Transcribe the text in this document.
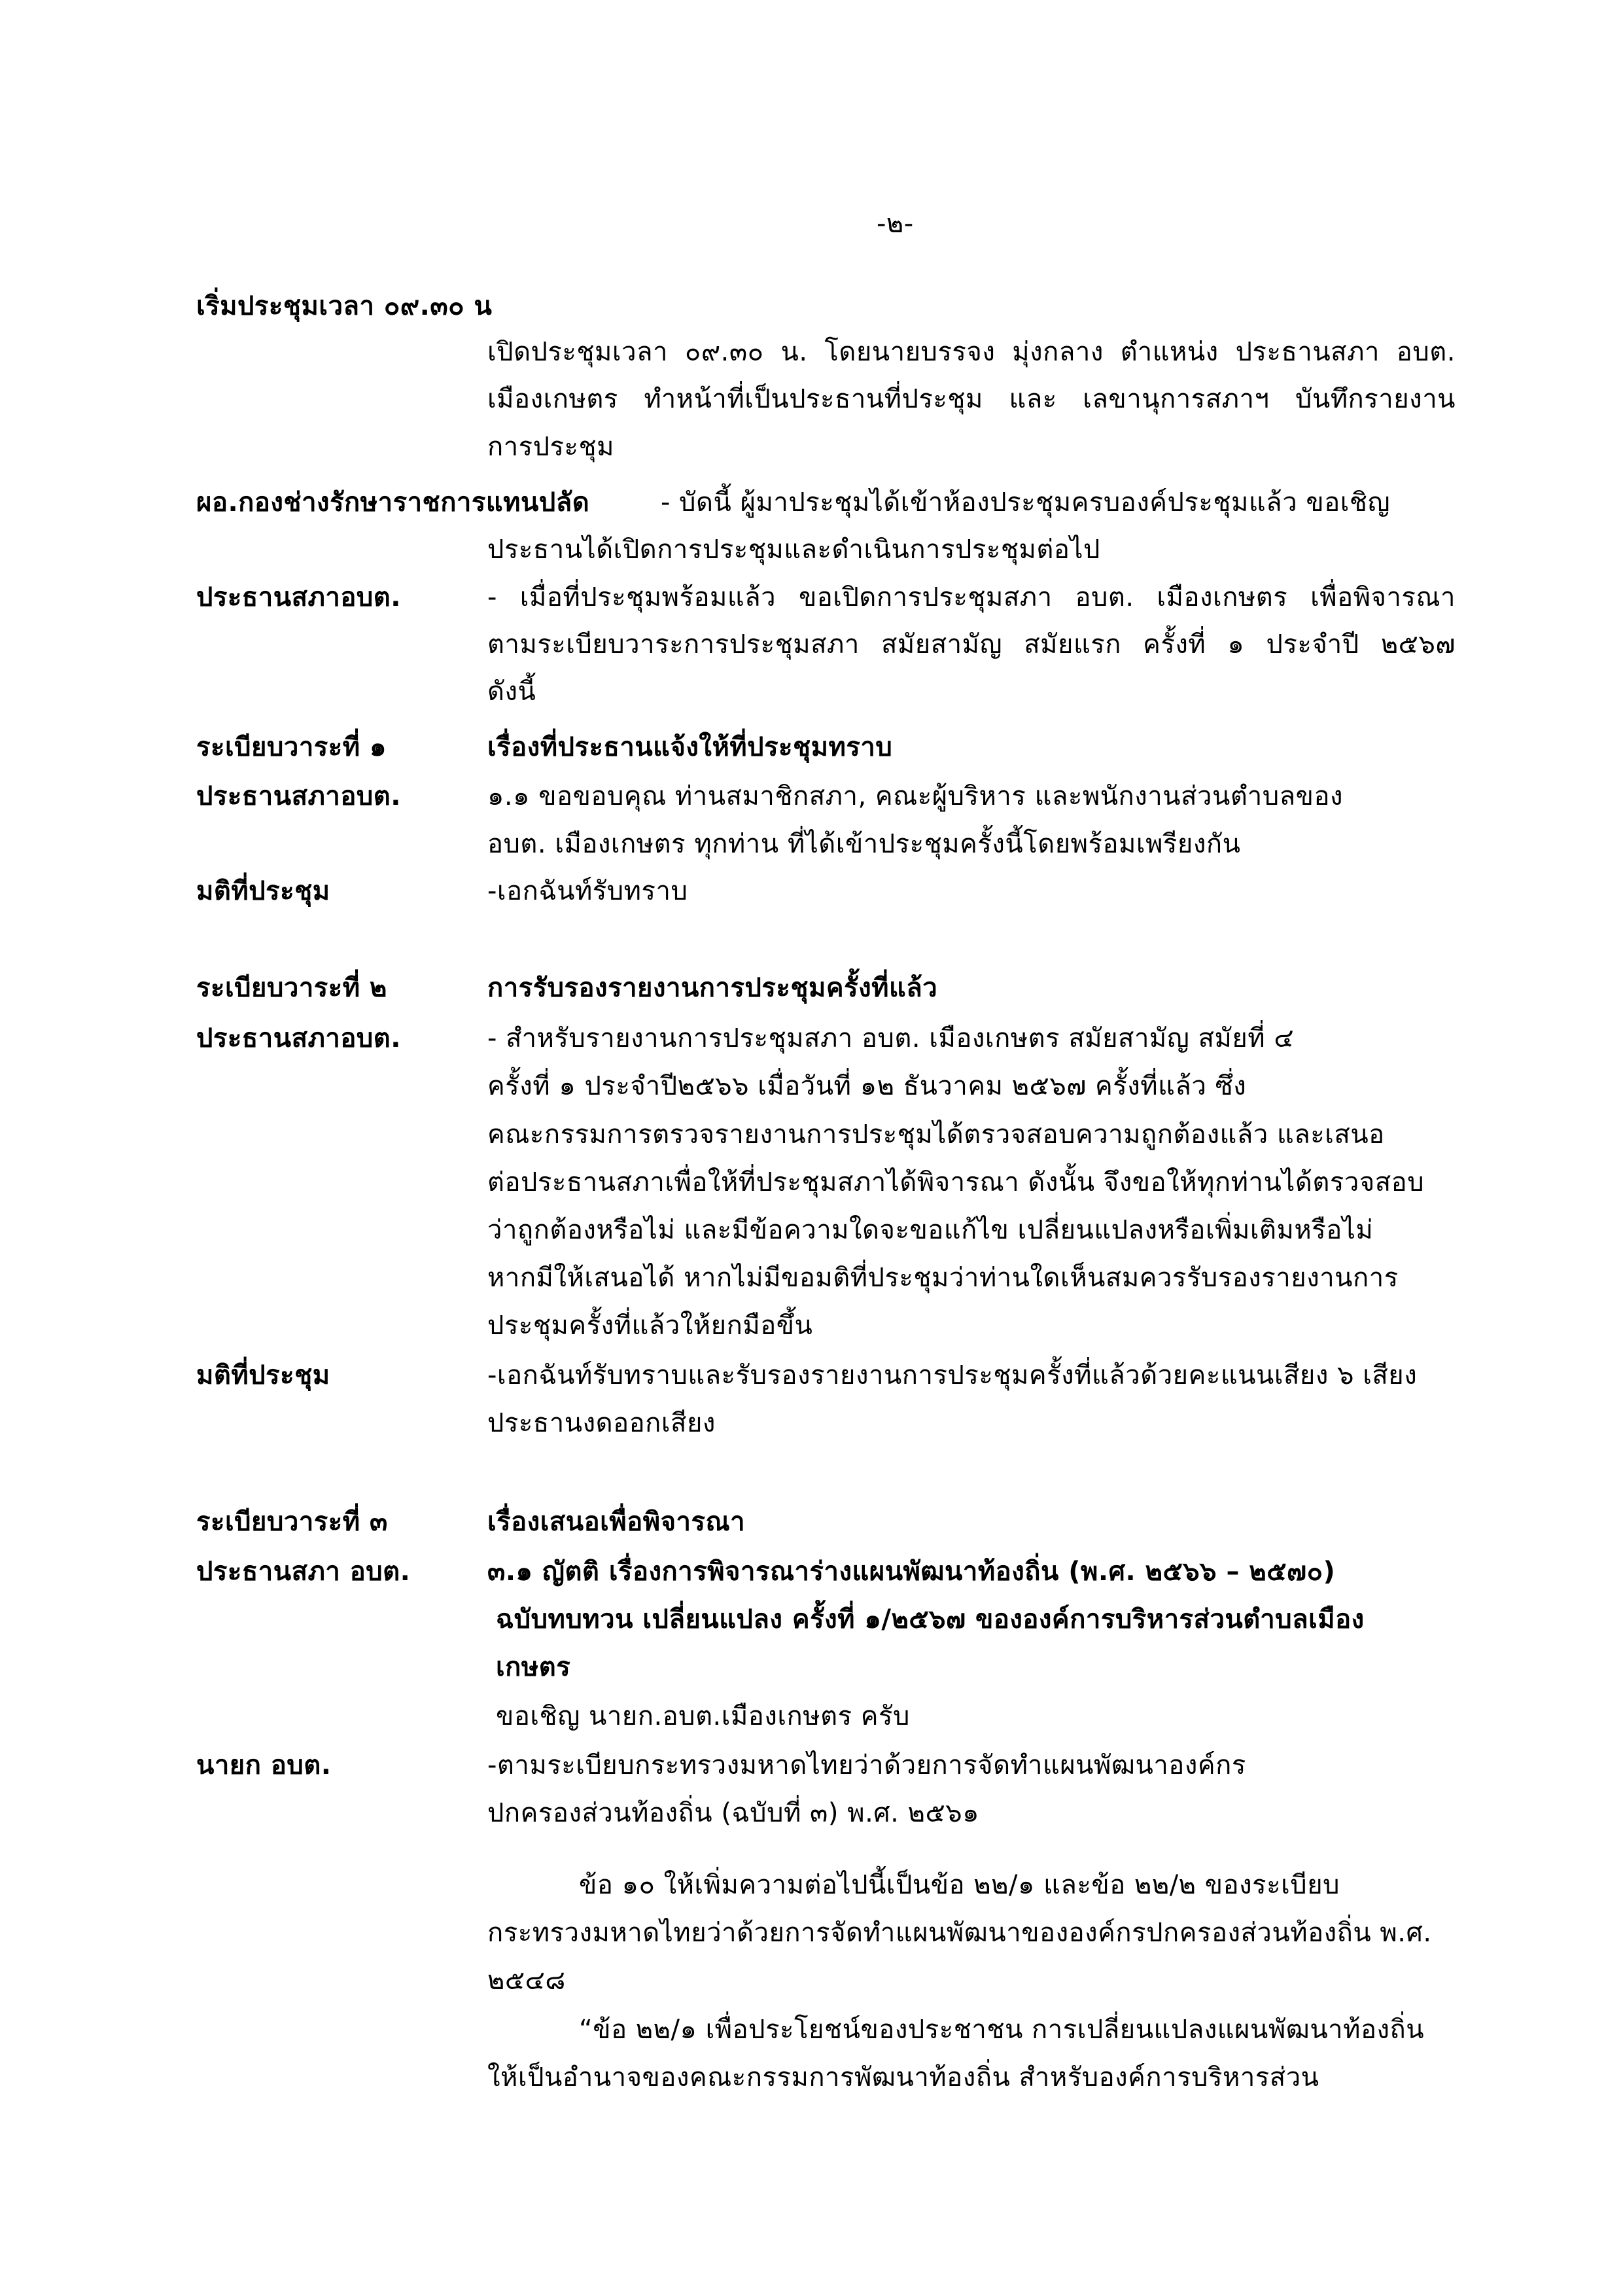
-๒-
เริ่มประชุมเวลา ๐๙.๓๐ น
เปิดประชุมเวลา ๐๙.๓๐ น. โดยนายบรรจง มุ่งกลาง ตำแหน่ง ประธานสภา อบต.
เมืองเกษตร ทำหน้าที่เป็นประธานที่ประชุม และ เลขานุการสภาฯ บันทึกรายงาน
การประชุม
ผอ.กองช่างรักษาราชการแทนปลัด	- บัดนี้ ผู้มาประชุมได้เข้าห้องประชุมครบองค์ประชุมแล้ว ขอเชิญ
ประธานได้เปิดการประชุมและดำเนินการประชุมต่อไป
ประธานสภาอบต.	- เมื่อที่ประชุมพร้อมแล้ว ขอเปิดการประชุมสภา อบต. เมืองเกษตร เพื่อพิจารณา
ตามระเบียบวาระการประชุมสภา สมัยสามัญ สมัยแรก ครั้งที่ ๑ ประจำปี ๒๕๖๗
ดังนี้
ระเบียบวาระที่ ๑	เรื่องที่ประธานแจ้งให้ที่ประชุมทราบ
ประธานสภาอบต.	๑.๑ ขอขอบคุณ ท่านสมาชิกสภา, คณะผู้บริหาร และพนักงานส่วนตำบลของ
อบต. เมืองเกษตร ทุกท่าน ที่ได้เข้าประชุมครั้งนี้โดยพร้อมเพรียงกัน
มติที่ประชุม	-เอกฉันท์รับทราบ
ระเบียบวาระที่ ๒	การรับรองรายงานการประชุมครั้งที่แล้ว
ประธานสภาอบต.	- สำหรับรายงานการประชุมสภา อบต. เมืองเกษตร สมัยสามัญ สมัยที่ ๔
ครั้งที่ ๑ ประจำปี๒๕๖๖ เมื่อวันที่ ๑๒ ธันวาคม ๒๕๖๗ ครั้งที่แล้ว ซึ่ง
คณะกรรมการตรวจรายงานการประชุมได้ตรวจสอบความถูกต้องแล้ว และเสนอ
ต่อประธานสภาเพื่อให้ที่ประชุมสภาได้พิจารณา ดังนั้น จึงขอให้ทุกท่านได้ตรวจสอบ
ว่าถูกต้องหรือไม่ และมีข้อความใดจะขอแก้ไข เปลี่ยนแปลงหรือเพิ่มเติมหรือไม่
หากมีให้เสนอได้ หากไม่มีขอมติที่ประชุมว่าท่านใดเห็นสมควรรับรองรายงานการ
ประชุมครั้งที่แล้วให้ยกมือขึ้น
มติที่ประชุม	-เอกฉันท์รับทราบและรับรองรายงานการประชุมครั้งที่แล้วด้วยคะแนนเสียง ๖ เสียง
ประธานงดออกเสียง
ระเบียบวาระที่ ๓	เรื่องเสนอเพื่อพิจารณา
ประธานสภา อบต.	๓.๑ ญัตติ เรื่องการพิจารณาร่างแผนพัฒนาท้องถิ่น (พ.ศ. ๒๕๖๖ – ๒๕๗๐)
ฉบับทบทวน เปลี่ยนแปลง ครั้งที่ ๑/๒๕๖๗ ขององค์การบริหารส่วนตำบลเมือง
เกษตร
ขอเชิญ นายก.อบต.เมืองเกษตร ครับ
นายก อบต.	-ตามระเบียบกระทรวงมหาดไทยว่าด้วยการจัดทำแผนพัฒนาองค์กร
ปกครองส่วนท้องถิ่น (ฉบับที่ ๓) พ.ศ. ๒๕๖๑
ข้อ ๑๐ ให้เพิ่มความต่อไปนี้เป็นข้อ ๒๒/๑ และข้อ ๒๒/๒ ของระเบียบ
กระทรวงมหาดไทยว่าด้วยการจัดทำแผนพัฒนาขององค์กรปกครองส่วนท้องถิ่น พ.ศ.
๒๕๔๘
“ข้อ ๒๒/๑ เพื่อประโยชน์ของประชาชน การเปลี่ยนแปลงแผนพัฒนาท้องถิ่น
ให้เป็นอำนาจของคณะกรรมการพัฒนาท้องถิ่น สำหรับองค์การบริหารส่วน
